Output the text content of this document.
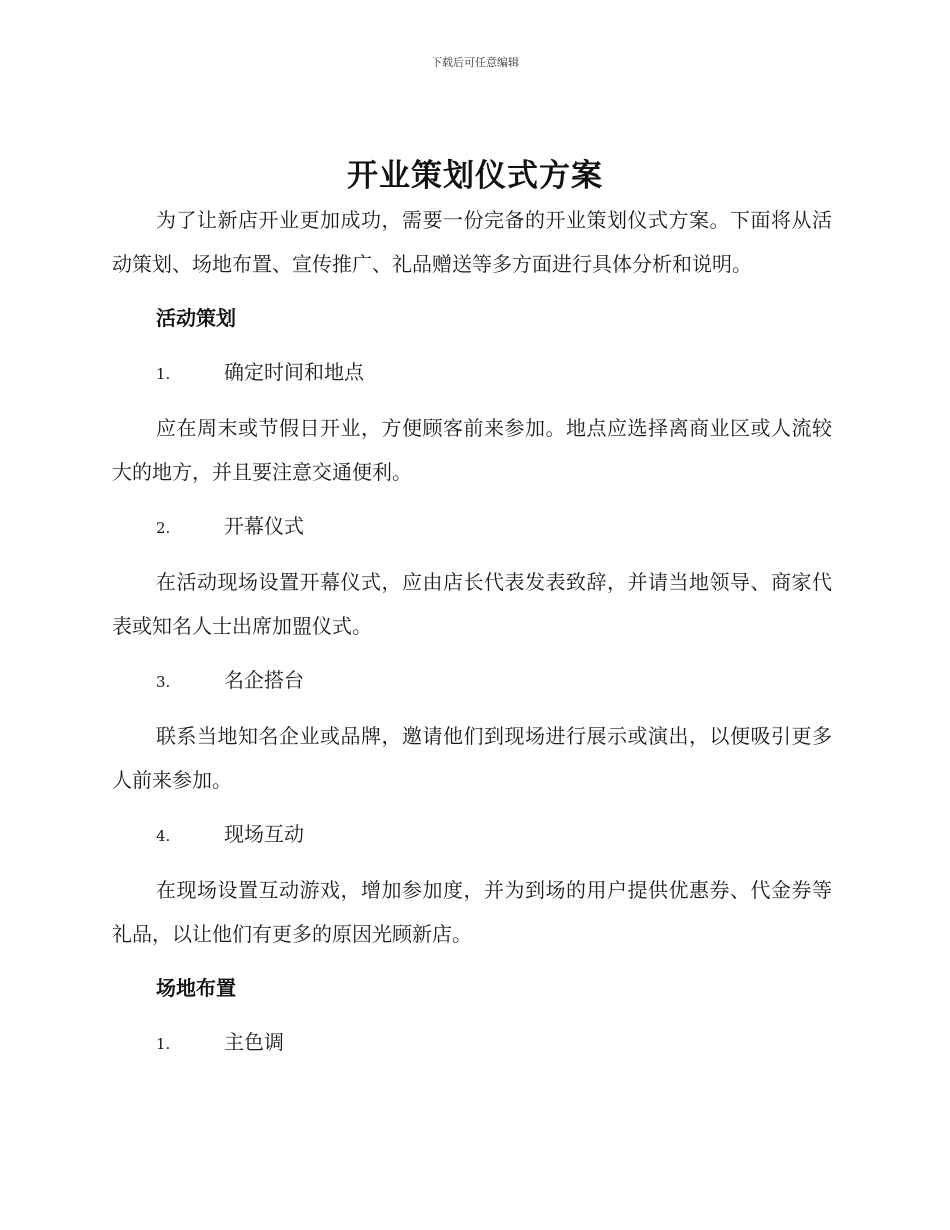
下载后可任意编辑
开业策划仪式方案

为了让新店开业更加成功，需要一份完备的开业策划仪式方案。下面将从活动策划、场地布置、宣传推广、礼品赠送等多方面进行具体分析和说明。

活动策划
1.	确定时间和地点

应在周末或节假日开业，方便顾客前来参加。地点应选择离商业区或人流较大的地方，并且要注意交通便利。

2.	开幕仪式

在活动现场设置开幕仪式，应由店长代表发表致辞，并请当地领导、商家代表或知名人士出席加盟仪式。

3.	名企搭台

联系当地知名企业或品牌，邀请他们到现场进行展示或演出，以便吸引更多人前来参加。

4.	现场互动

在现场设置互动游戏，增加参加度，并为到场的用户提供优惠券、代金券等礼品，以让他们有更多的原因光顾新店。

场地布置
1.	主色调
